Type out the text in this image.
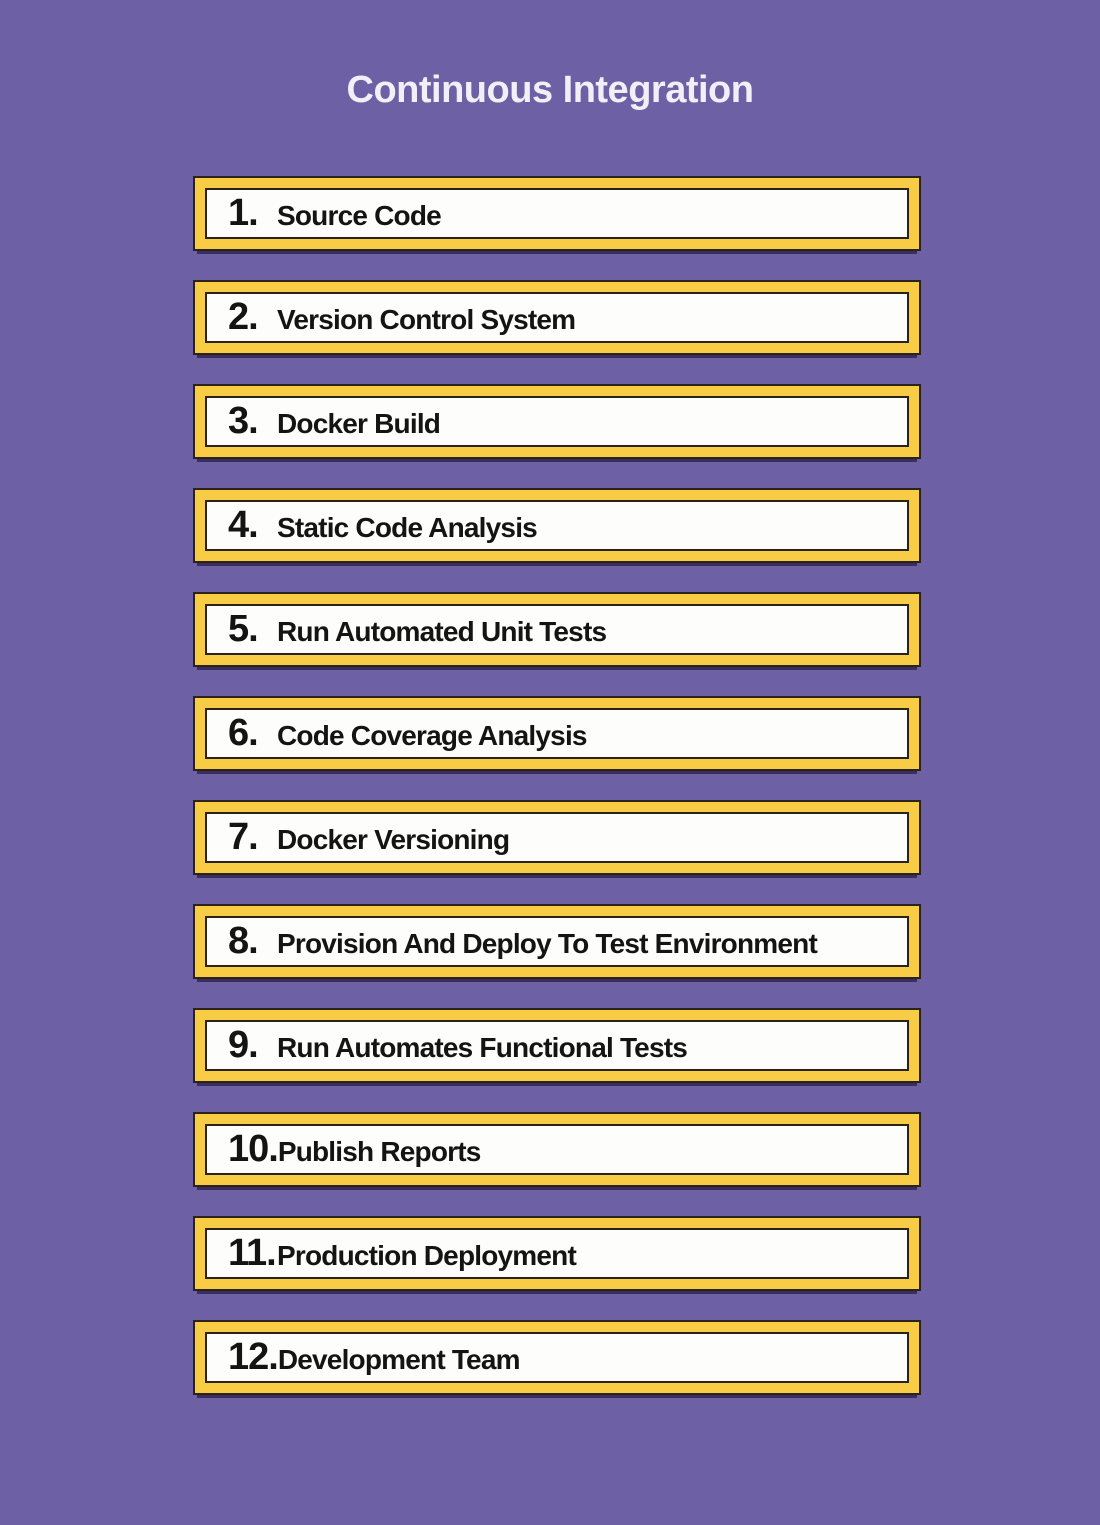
Continuous Integration
1. Source Code
2. Version Control System
3. Docker Build
4. Static Code Analysis
5. Run Automated Unit Tests
6. Code Coverage Analysis
7. Docker Versioning
8. Provision And Deploy To Test Environment
9. Run Automates Functional Tests
10.Publish Reports
11.Production Deployment
12.Development Team
